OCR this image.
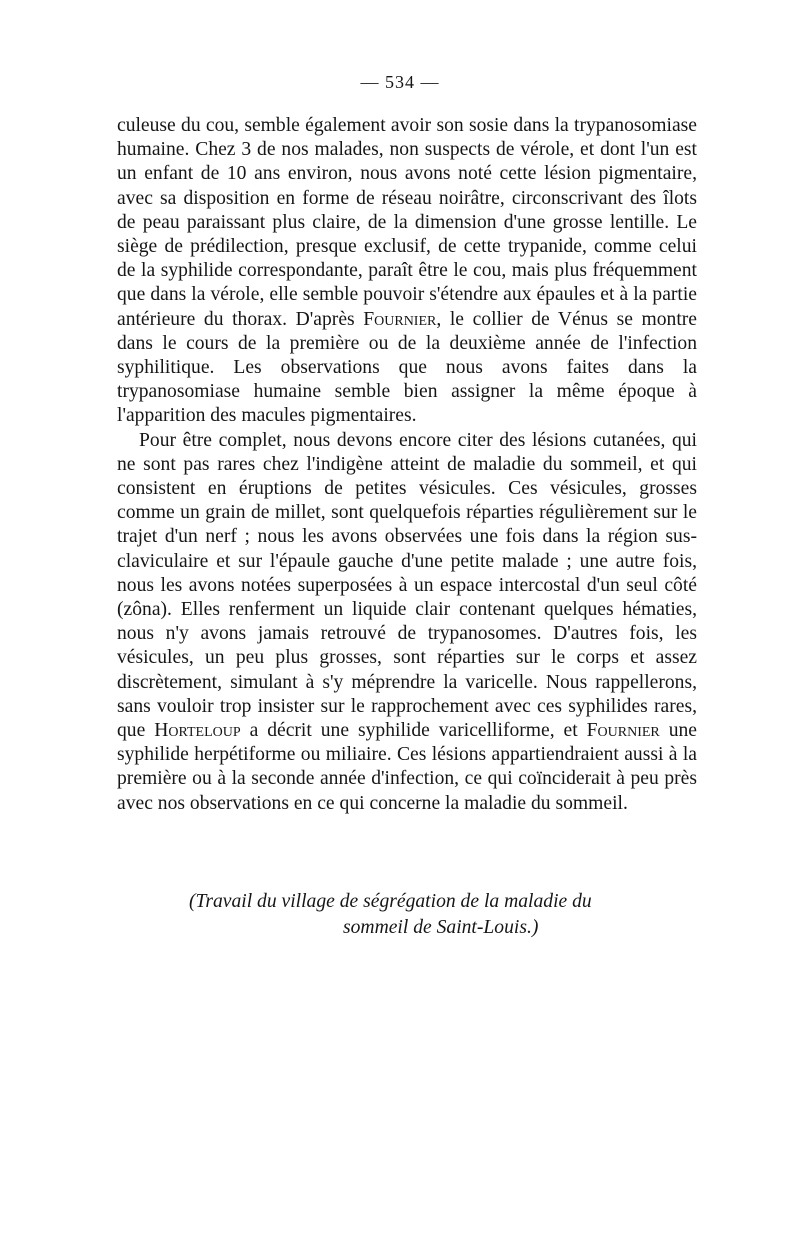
— 534 —

culeuse du cou, semble également avoir son sosie dans la trypanosomiase humaine. Chez 3 de nos malades, non suspects de vérole, et dont l'un est un enfant de 10 ans environ, nous avons noté cette lésion pigmentaire, avec sa disposition en forme de réseau noirâtre, circonscrivant des îlots de peau paraissant plus claire, de la dimension d'une grosse lentille. Le siège de prédilection, presque exclusif, de cette trypanide, comme celui de la syphilide correspondante, paraît être le cou, mais plus fréquemment que dans la vérole, elle semble pouvoir s'étendre aux épaules et à la partie antérieure du thorax. D'après Fournier, le collier de Vénus se montre dans le cours de la première ou de la deuxième année de l'infection syphilitique. Les observations que nous avons faites dans la trypanosomiase humaine semble bien assigner la même époque à l'apparition des macules pigmentaires.

Pour être complet, nous devons encore citer des lésions cutanées, qui ne sont pas rares chez l'indigène atteint de maladie du sommeil, et qui consistent en éruptions de petites vésicules. Ces vésicules, grosses comme un grain de millet, sont quelquefois réparties régulièrement sur le trajet d'un nerf ; nous les avons observées une fois dans la région sus-claviculaire et sur l'épaule gauche d'une petite malade ; une autre fois, nous les avons notées superposées à un espace intercostal d'un seul côté (zôna). Elles renferment un liquide clair contenant quelques hématies, nous n'y avons jamais retrouvé de trypanosomes. D'autres fois, les vésicules, un peu plus grosses, sont réparties sur le corps et assez discrètement, simulant à s'y méprendre la varicelle. Nous rappellerons, sans vouloir trop insister sur le rapprochement avec ces syphilides rares, que Horteloup a décrit une syphilide varicelliforme, et Fournier une syphilide herpétiforme ou miliaire. Ces lésions appartiendraient aussi à la première ou à la seconde année d'infection, ce qui coïnciderait à peu près avec nos observations en ce qui concerne la maladie du sommeil.

(Travail du village de ségrégation de la maladie du
sommeil de Saint-Louis.)
